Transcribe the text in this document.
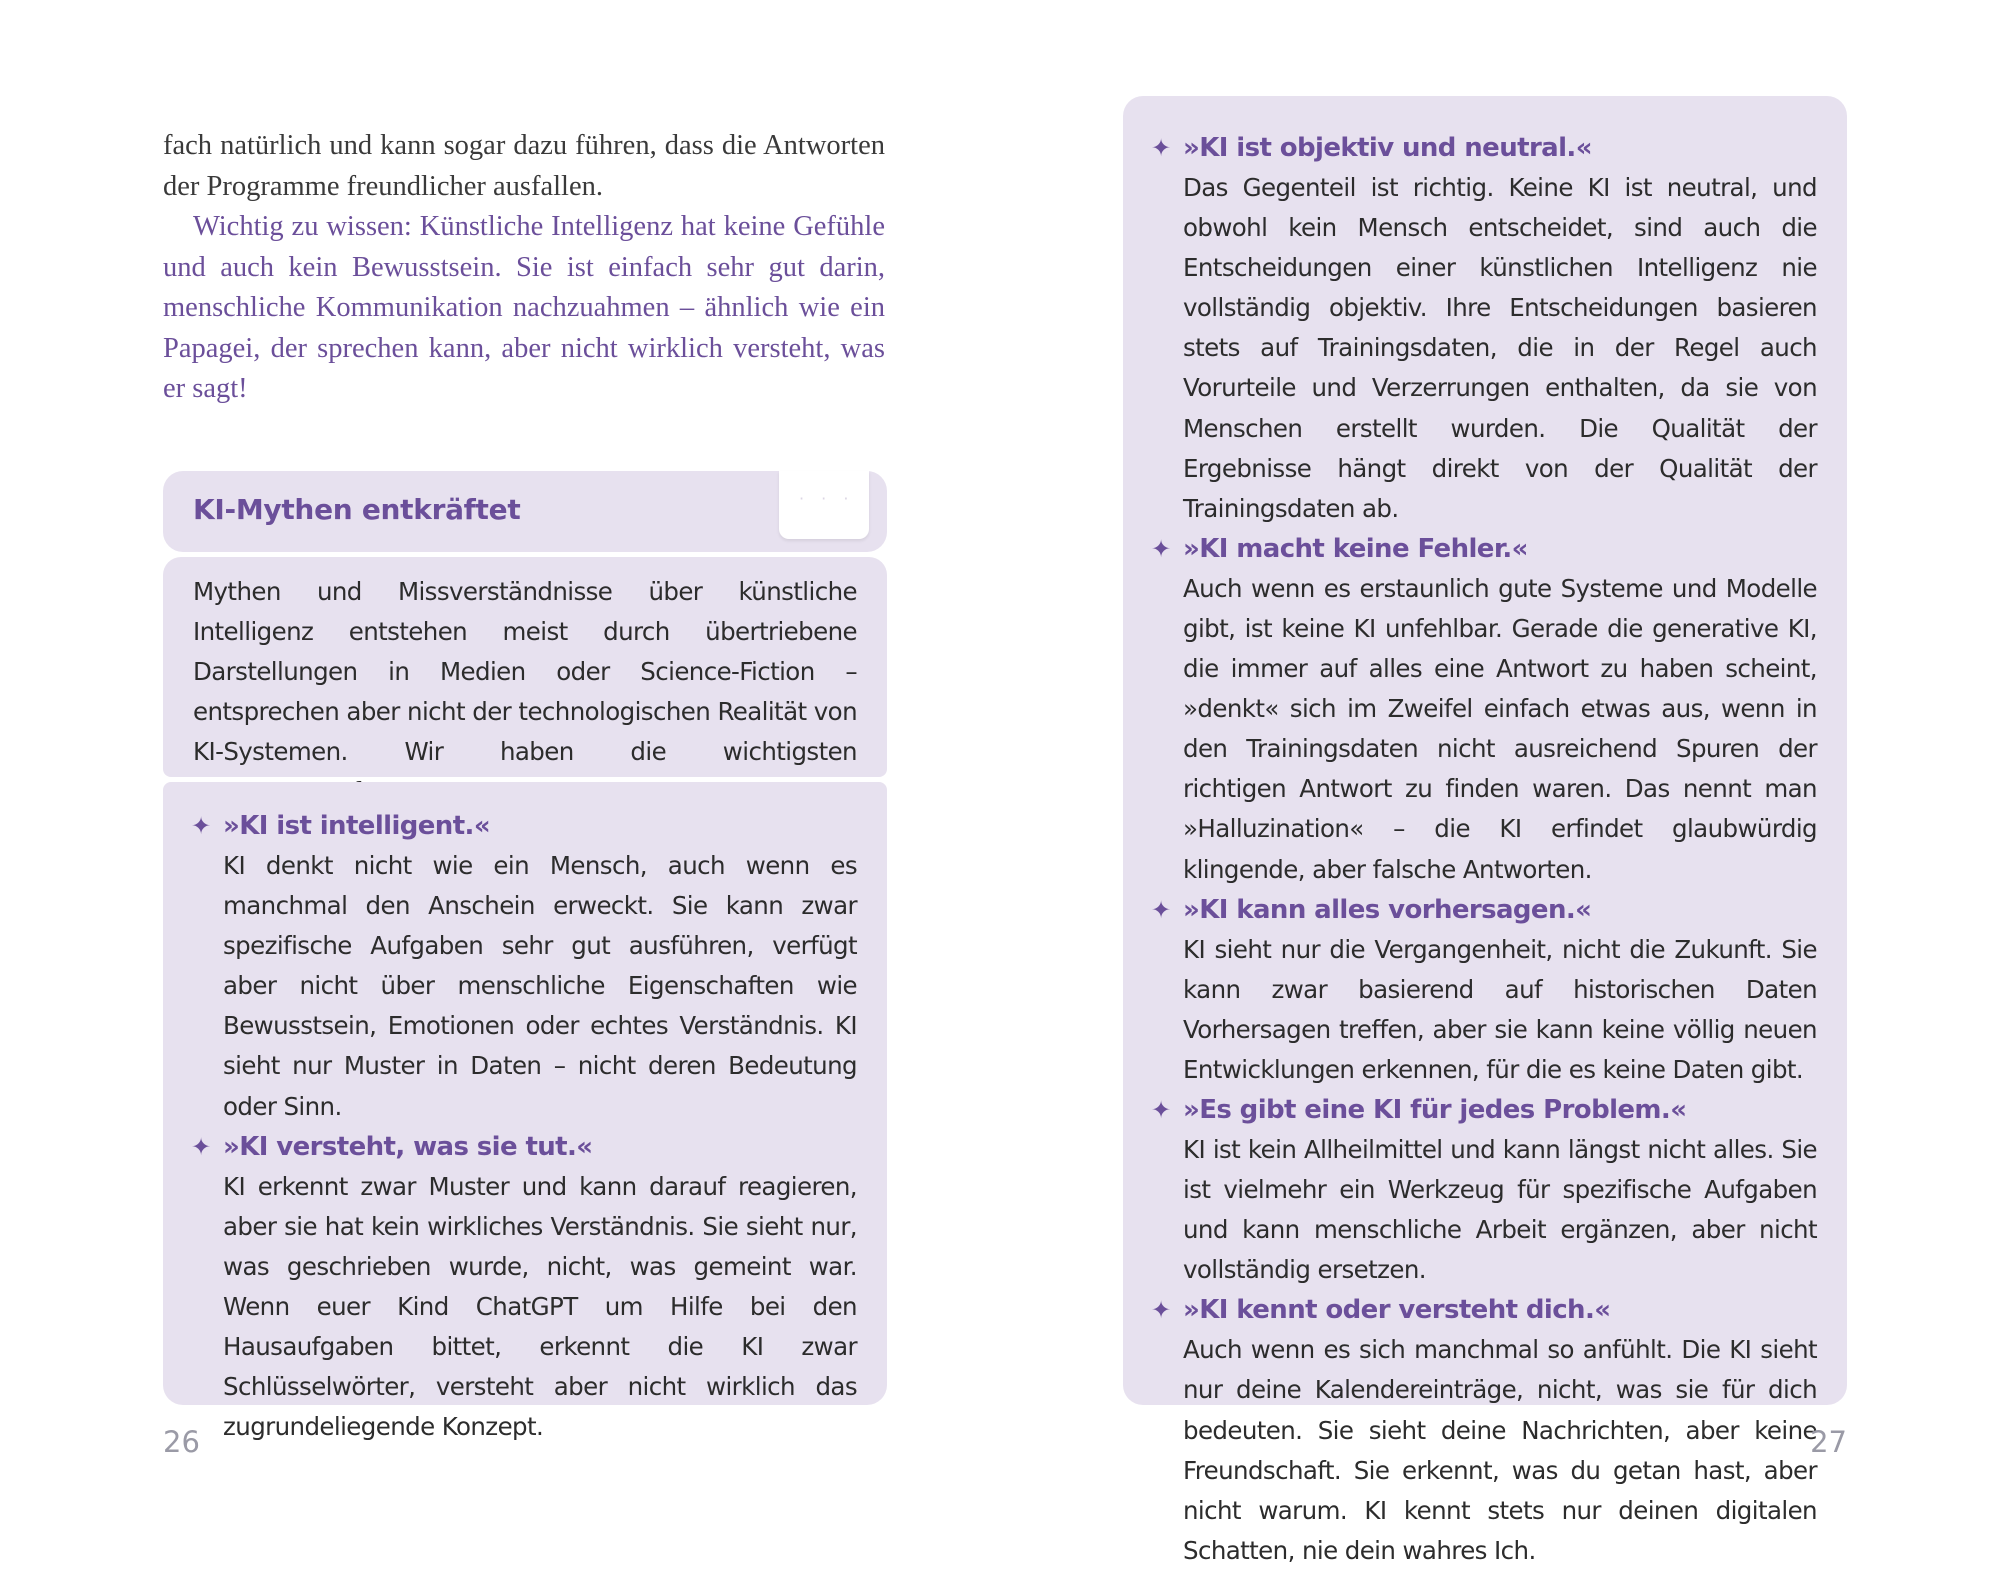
fach natürlich und kann sogar dazu führen, dass die Antworten der Programme freundlicher ausfallen.

Wichtig zu wissen: Künstliche Intelligenz hat keine Gefühle und auch kein Bewusstsein. Sie ist einfach sehr gut darin, menschliche Kommunikation nachzuahmen – ähnlich wie ein Papagei, der sprechen kann, aber nicht wirklich versteht, was er sagt!

KI-Mythen entkräftet	· · ·

Mythen und Missverständnisse über künstliche Intelligenz entstehen meist durch übertriebene Darstellungen in Medien oder Science-Fiction – entsprechen aber nicht der technologischen Realität von KI-Systemen. Wir haben die wichtigsten

✦ »KI ist intelligent.«

KI denkt nicht wie ein Mensch, auch wenn es manchmal den Anschein erweckt. Sie kann zwar spezifische Aufgaben sehr gut ausführen, verfügt aber nicht über menschliche Eigenschaften wie Bewusstsein, Emotionen oder echtes Verständnis. KI sieht nur Muster in Daten – nicht deren Bedeutung oder Sinn.

✦ »KI versteht, was sie tut.«

KI erkennt zwar Muster und kann darauf reagieren, aber sie hat kein wirkliches Verständnis. Sie sieht nur, was geschrieben wurde, nicht, was gemeint war. Wenn euer Kind ChatGPT um Hilfe bei den Hausaufgaben bittet, erkennt die KI zwar Schlüsselwörter, versteht aber nicht wirklich das zugrundeliegende Konzept.

26
✦ »KI ist objektiv und neutral.«

Das Gegenteil ist richtig. Keine KI ist neutral, und obwohl kein Mensch entscheidet, sind auch die Entscheidungen einer künstlichen Intelligenz nie vollständig objektiv. Ihre Entscheidungen basieren stets auf Trainingsdaten, die in der Regel auch Vorurteile und Verzerrungen enthalten, da sie von Menschen erstellt wurden. Die Qualität der Ergebnisse hängt direkt von der Qualität der Trainingsdaten ab.

✦ »KI macht keine Fehler.«

Auch wenn es erstaunlich gute Systeme und Modelle gibt, ist keine KI unfehlbar. Gerade die generative KI, die immer auf alles eine Antwort zu haben scheint, »denkt« sich im Zweifel einfach etwas aus, wenn in den Trainingsdaten nicht ausreichend Spuren der richtigen Antwort zu finden waren. Das nennt man »Halluzination« – die KI erfindet glaubwürdig klingende, aber falsche Antworten.

✦ »KI kann alles vorhersagen.«

KI sieht nur die Vergangenheit, nicht die Zukunft. Sie kann zwar basierend auf historischen Daten Vorhersagen treffen, aber sie kann keine völlig neuen Entwicklungen erkennen, für die es keine Daten gibt.

✦ »Es gibt eine KI für jedes Problem.«

KI ist kein Allheilmittel und kann längst nicht alles. Sie ist vielmehr ein Werkzeug für spezifische Aufgaben und kann menschliche Arbeit ergänzen, aber nicht vollständig ersetzen.

✦ »KI kennt oder versteht dich.«

Auch wenn es sich manchmal so anfühlt. Die KI sieht nur deine Kalendereinträge, nicht, was sie für dich bedeuten. Sie sieht deine Nachrichten, aber keine Freundschaft. Sie erkennt, was du getan hast, aber nicht warum. KI kennt stets nur deinen digitalen Schatten, nie dein wahres Ich.

27
